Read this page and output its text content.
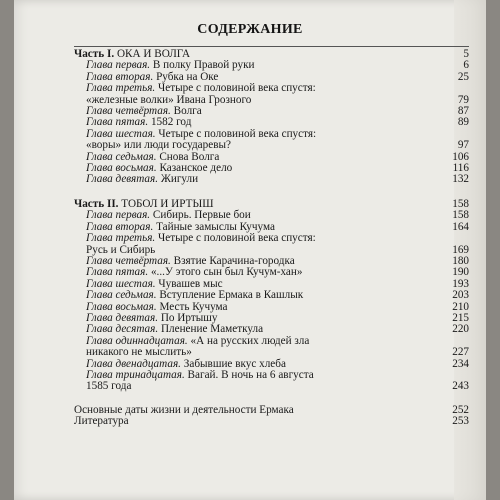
СОДЕРЖАНИЕ
Часть I. ОКА И ВОЛГА	5
Глава первая. В полку Правой руки	6
Глава вторая. Рубка на Оке	25
Глава третья. Четыре с половиной века спустя:
«железные волки» Ивана Грозного	79
Глава четвёртая. Волга	87
Глава пятая. 1582 год	89
Глава шестая. Четыре с половиной века спустя:
«воры» или люди государевы?	97
Глава седьмая. Снова Волга	106
Глава восьмая. Казанское дело	116
Глава девятая. Жигули	132
Часть II. ТОБОЛ И ИРТЫШ	158
Глава первая. Сибирь. Первые бои	158
Глава вторая. Тайные замыслы Кучума	164
Глава третья. Четыре с половиной века спустя:
Русь и Сибирь	169
Глава четвёртая. Взятие Карачина-городка	180
Глава пятая. «...У этого сын был Кучум-хан»	190
Глава шестая. Чувашев мыс	193
Глава седьмая. Вступление Ермака в Кашлык	203
Глава восьмая. Месть Кучума	210
Глава девятая. По Иртышу	215
Глава десятая. Пленение Маметкула	220
Глава одиннадцатая. «А на русских людей зла
никакого не мыслить»	227
Глава двенадцатая. Забывшие вкус хлеба	234
Глава тринадцатая. Вагай. В ночь на 6 августа
1585 года	243
Основные даты жизни и деятельности Ермака	252
Литература	253
